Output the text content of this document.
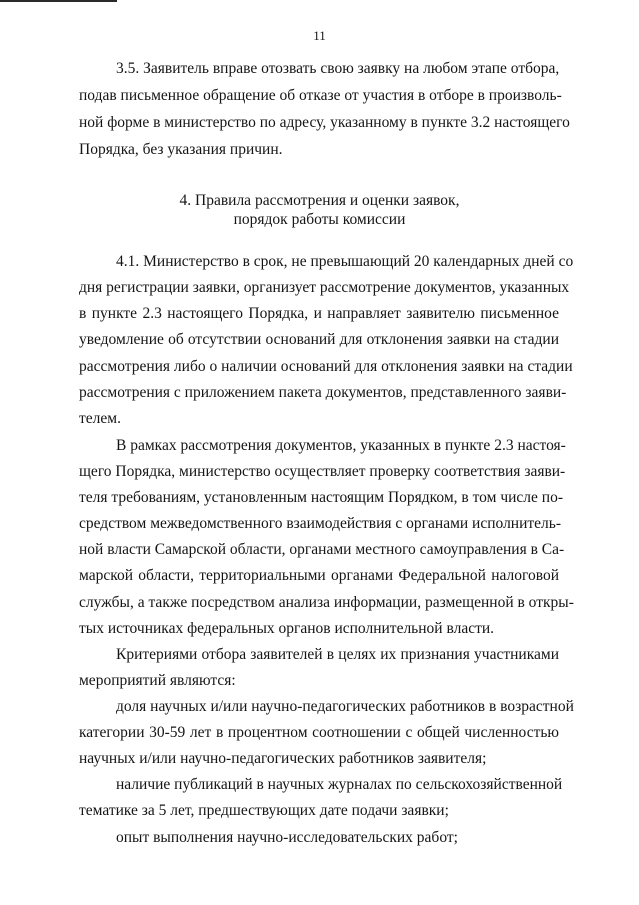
11
3.5. Заявитель вправе отозвать свою заявку на любом этапе отбора,
подав письменное обращение об отказе от участия в отборе в произволь-
ной форме в министерство по адресу, указанному в пункте 3.2 настоящего
Порядка, без указания причин.
4. Правила рассмотрения и оценки заявок,
порядок работы комиссии
4.1. Министерство в срок, не превышающий 20 календарных дней со
дня регистрации заявки, организует рассмотрение документов, указанных
в пункте 2.3 настоящего Порядка, и направляет заявителю письменное
уведомление об отсутствии оснований для отклонения заявки на стадии
рассмотрения либо о наличии оснований для отклонения заявки на стадии
рассмотрения с приложением пакета документов, представленного заяви-
телем.
В рамках рассмотрения документов, указанных в пункте 2.3 настоя-
щего Порядка, министерство осуществляет проверку соответствия заяви-
теля требованиям, установленным настоящим Порядком, в том числе по-
средством межведомственного взаимодействия с органами исполнитель-
ной власти Самарской области, органами местного самоуправления в Са-
марской области, территориальными органами Федеральной налоговой
службы, а также посредством анализа информации, размещенной в откры-
тых источниках федеральных органов исполнительной власти.
Критериями отбора заявителей в целях их признания участниками
мероприятий являются:
доля научных и/или научно-педагогических работников в возрастной
категории 30-59 лет в процентном соотношении с общей численностью
научных и/или научно-педагогических работников заявителя;
наличие публикаций в научных журналах по сельскохозяйственной
тематике за 5 лет, предшествующих дате подачи заявки;
опыт выполнения научно-исследовательских работ;
